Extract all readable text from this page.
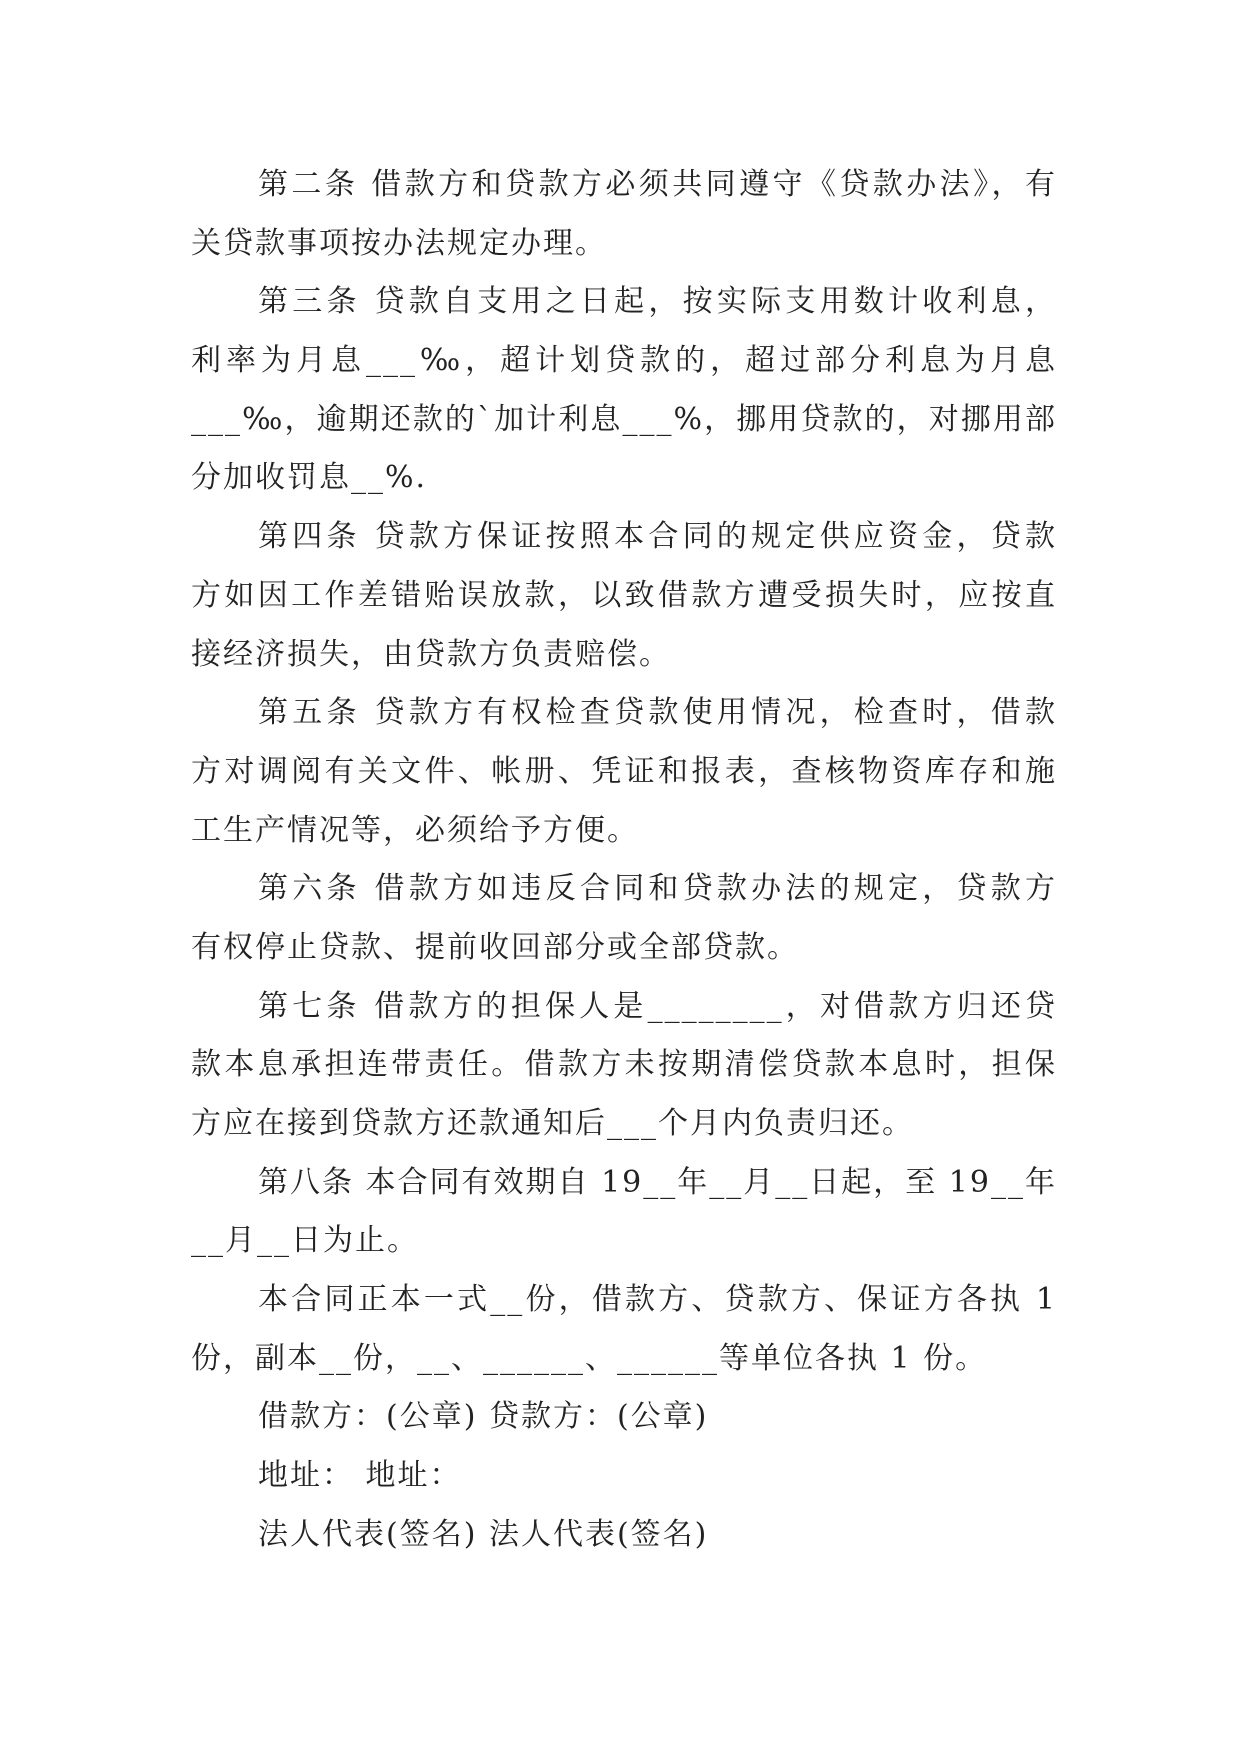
第二条 借款方和贷款方必须共同遵守《贷款办法》，有
关贷款事项按办法规定办理。
第三条 贷款自支用之日起，按实际支用数计收利息，
利率为月息___‰，超计划贷款的，超过部分利息为月息
___‰，逾期还款的`加计利息___%，挪用贷款的，对挪用部
分加收罚息__%.
第四条 贷款方保证按照本合同的规定供应资金，贷款
方如因工作差错贻误放款，以致借款方遭受损失时，应按直
接经济损失，由贷款方负责赔偿。
第五条 贷款方有权检查贷款使用情况，检查时，借款
方对调阅有关文件、帐册、凭证和报表，查核物资库存和施
工生产情况等，必须给予方便。
第六条 借款方如违反合同和贷款办法的规定，贷款方
有权停止贷款、提前收回部分或全部贷款。
第七条 借款方的担保人是________，对借款方归还贷
款本息承担连带责任。借款方未按期清偿贷款本息时，担保
方应在接到贷款方还款通知后___个月内负责归还。
第八条 本合同有效期自 19__年__月__日起，至 19__年
__月__日为止。
本合同正本一式__份，借款方、贷款方、保证方各执 1
份，副本__份，__、______、______等单位各执 1 份。
借款方：(公章) 贷款方：(公章)
地址： 地址：
法人代表(签名) 法人代表(签名)
